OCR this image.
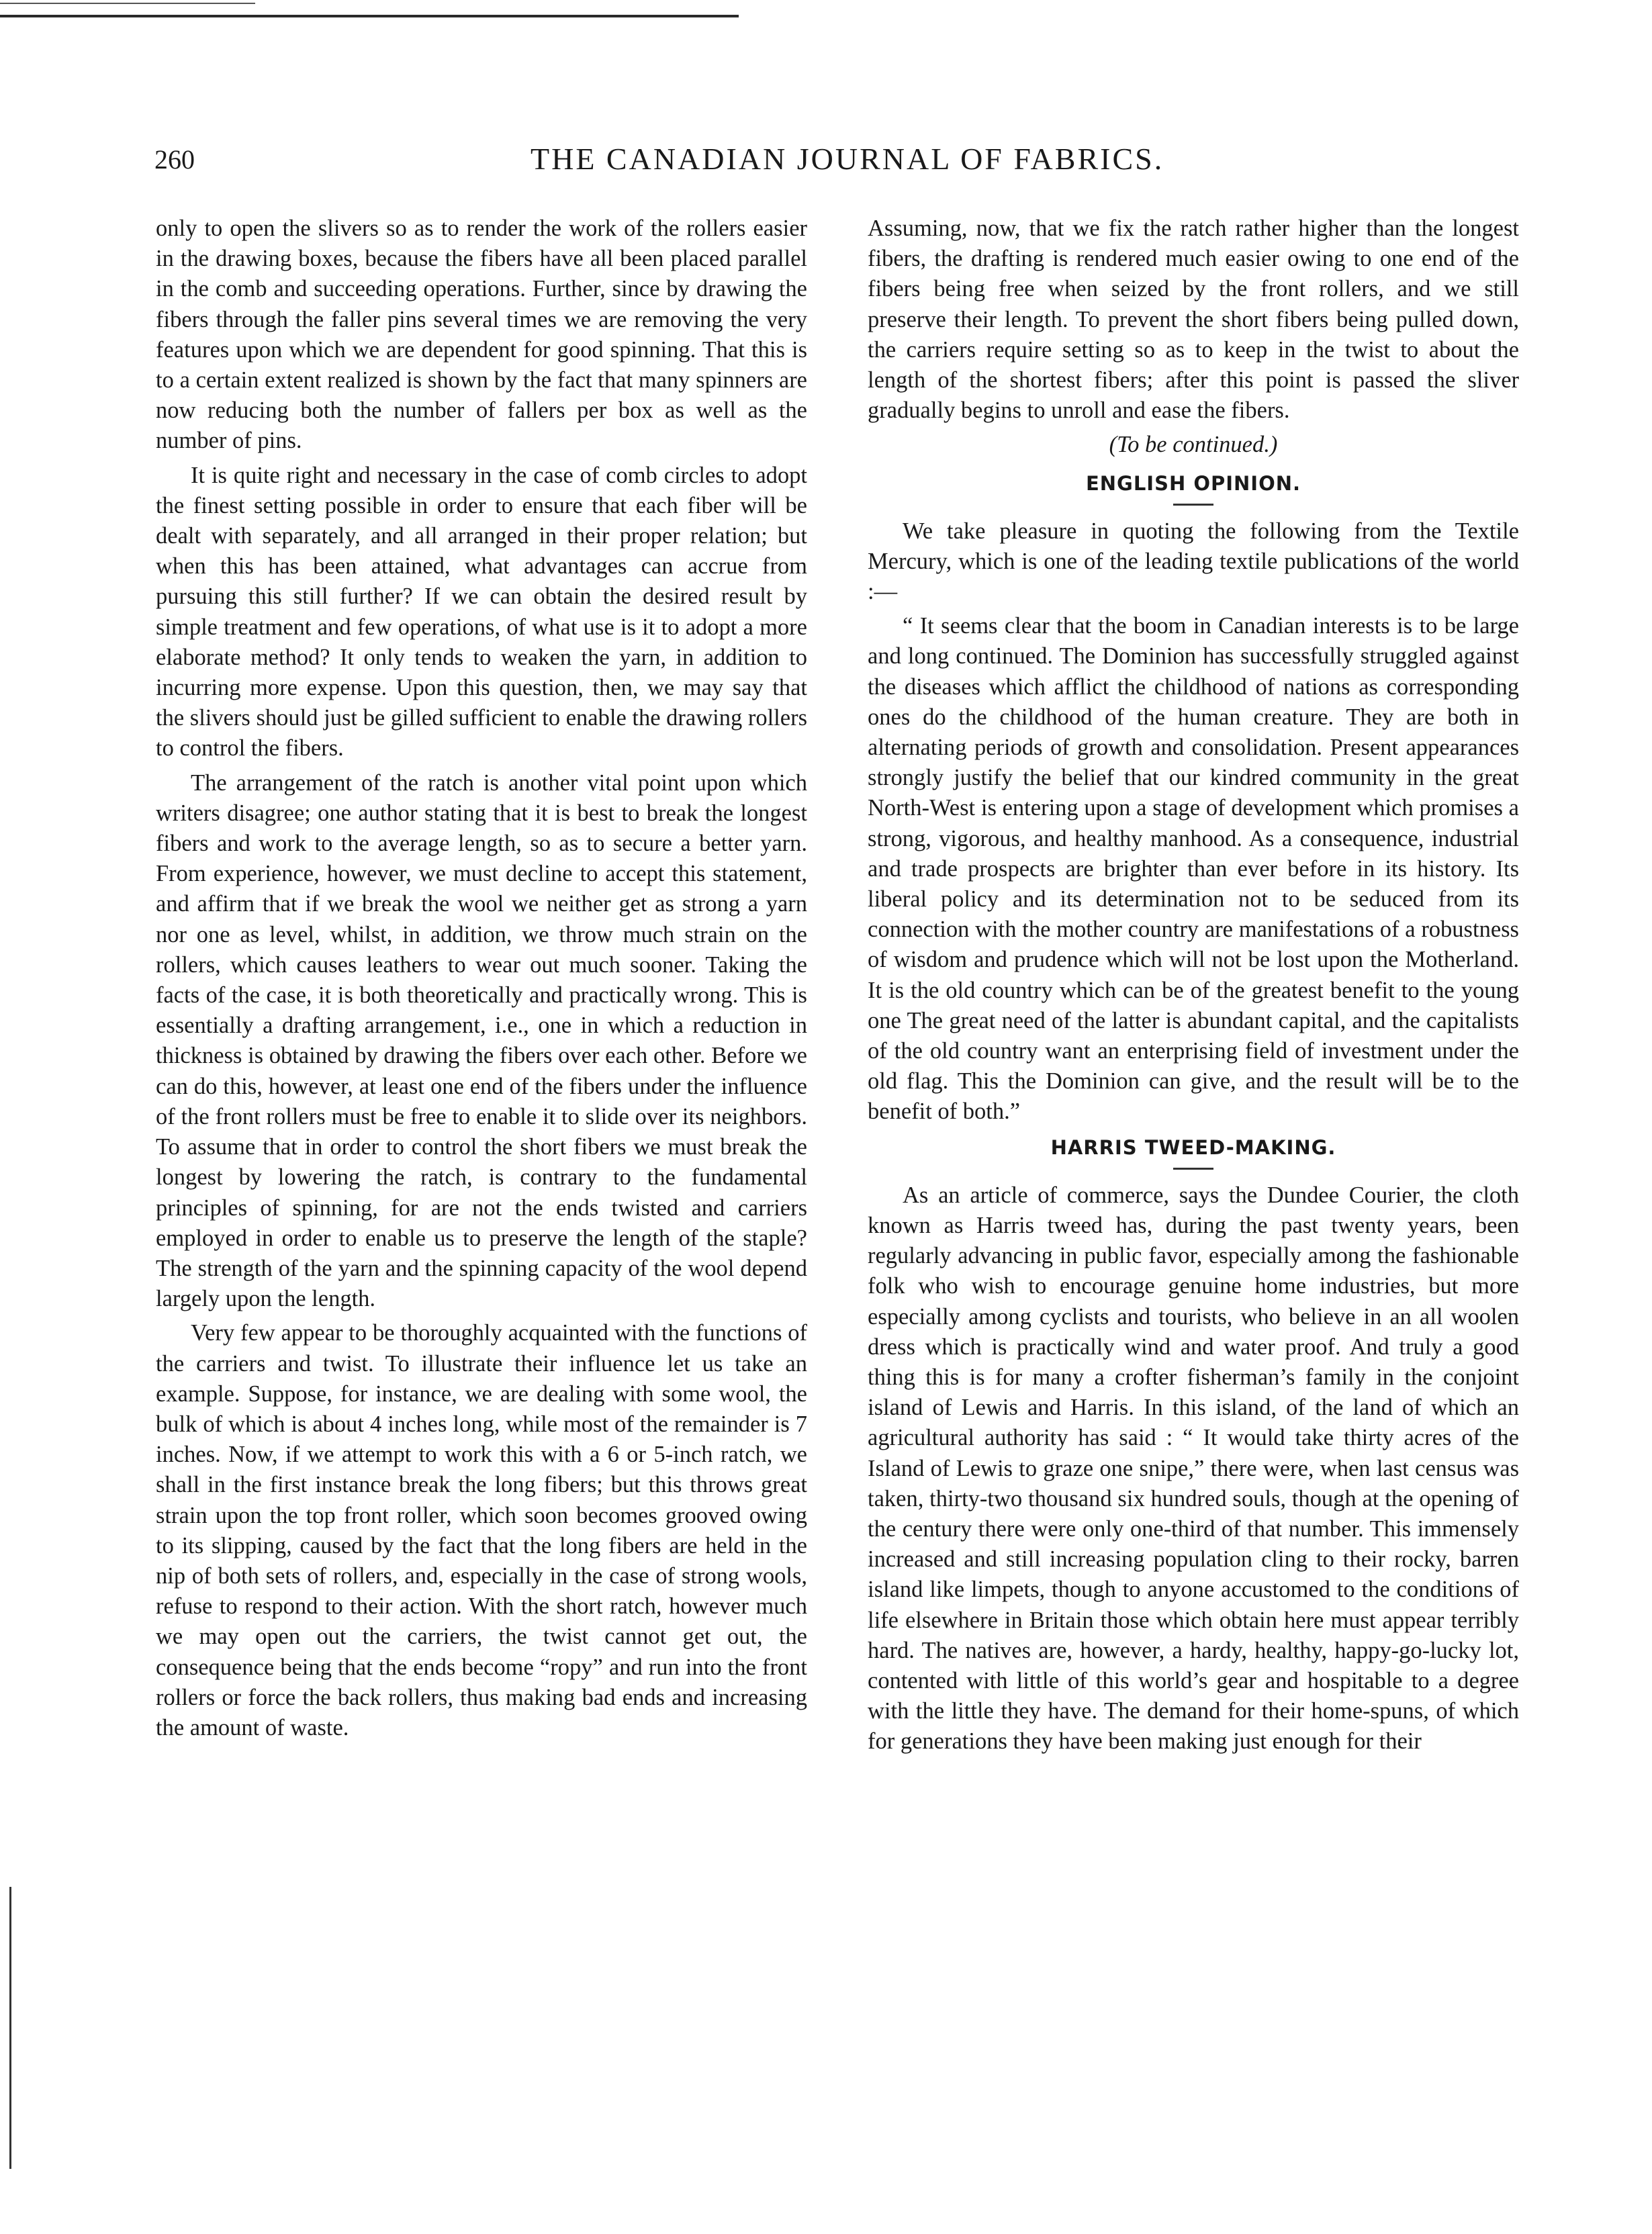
260	THE CANADIAN JOURNAL OF FABRICS.

only to open the slivers so as to render the work of the rollers easier in the drawing boxes, because the fibers have all been placed parallel in the comb and succeeding operations. Further, since by drawing the fibers through the faller pins several times we are removing the very features upon which we are dependent for good spinning. That this is to a certain extent realized is shown by the fact that many spinners are now reducing both the number of fallers per box as well as the number of pins.

It is quite right and necessary in the case of comb circles to adopt the finest setting possible in order to ensure that each fiber will be dealt with separately, and all arranged in their proper relation; but when this has been attained, what advantages can accrue from pursuing this still further? If we can obtain the desired result by simple treatment and few operations, of what use is it to adopt a more elaborate method? It only tends to weaken the yarn, in addition to incurring more expense. Upon this question, then, we may say that the slivers should just be gilled sufficient to enable the drawing rollers to control the fibers.

The arrangement of the ratch is another vital point upon which writers disagree; one author stating that it is best to break the longest fibers and work to the average length, so as to secure a better yarn. From experience, however, we must decline to accept this statement, and affirm that if we break the wool we neither get as strong a yarn nor one as level, whilst, in addition, we throw much strain on the rollers, which causes leathers to wear out much sooner. Taking the facts of the case, it is both theoretically and practically wrong. This is essentially a drafting arrangement, i.e., one in which a reduction in thickness is obtained by drawing the fibers over each other. Before we can do this, however, at least one end of the fibers under the influence of the front rollers must be free to enable it to slide over its neighbors. To assume that in order to control the short fibers we must break the longest by lowering the ratch, is contrary to the fundamental principles of spinning, for are not the ends twisted and carriers employed in order to enable us to preserve the length of the staple? The strength of the yarn and the spinning capacity of the wool depend largely upon the length.

Very few appear to be thoroughly acquainted with the functions of the carriers and twist. To illustrate their influence let us take an example. Suppose, for instance, we are dealing with some wool, the bulk of which is about 4 inches long, while most of the remainder is 7 inches. Now, if we attempt to work this with a 6 or 5-inch ratch, we shall in the first instance break the long fibers; but this throws great strain upon the top front roller, which soon becomes grooved owing to its slipping, caused by the fact that the long fibers are held in the nip of both sets of rollers, and, especially in the case of strong wools, refuse to respond to their action. With the short ratch, however much we may open out the carriers, the twist cannot get out, the consequence being that the ends become “ropy” and run into the front rollers or force the back rollers, thus making bad ends and increasing the amount of waste.

Assuming, now, that we fix the ratch rather higher than the longest fibers, the drafting is rendered much easier owing to one end of the fibers being free when seized by the front rollers, and we still preserve their length. To prevent the short fibers being pulled down, the carriers require setting so as to keep in the twist to about the length of the shortest fibers; after this point is passed the sliver gradually begins to unroll and ease the fibers.

(To be continued.)

ENGLISH OPINION.

We take pleasure in quoting the following from the Textile Mercury, which is one of the leading textile publications of the world :—

“ It seems clear that the boom in Canadian interests is to be large and long continued. The Dominion has successfully struggled against the diseases which afflict the childhood of nations as corresponding ones do the childhood of the human creature. They are both in alternating periods of growth and consolidation. Present appearances strongly justify the belief that our kindred community in the great North-West is entering upon a stage of development which promises a strong, vigorous, and healthy manhood. As a consequence, industrial and trade prospects are brighter than ever before in its history. Its liberal policy and its determination not to be seduced from its connection with the mother country are manifestations of a robustness of wisdom and prudence which will not be lost upon the Motherland. It is the old country which can be of the greatest benefit to the young one The great need of the latter is abundant capital, and the capitalists of the old country want an enterprising field of investment under the old flag. This the Dominion can give, and the result will be to the benefit of both.”

HARRIS TWEED-MAKING.

As an article of commerce, says the Dundee Courier, the cloth known as Harris tweed has, during the past twenty years, been regularly advancing in public favor, especially among the fashionable folk who wish to encourage genuine home industries, but more especially among cyclists and tourists, who believe in an all woolen dress which is practically wind and water proof. And truly a good thing this is for many a crofter fisherman’s family in the conjoint island of Lewis and Harris. In this island, of the land of which an agricultural authority has said : “ It would take thirty acres of the Island of Lewis to graze one snipe,” there were, when last census was taken, thirty-two thousand six hundred souls, though at the opening of the century there were only one-third of that number. This immensely increased and still increasing population cling to their rocky, barren island like limpets, though to anyone accustomed to the conditions of life elsewhere in Britain those which obtain here must appear terribly hard. The natives are, however, a hardy, healthy, happy-go-lucky lot, contented with little of this world’s gear and hospitable to a degree with the little they have. The demand for their home-spuns, of which for generations they have been making just enough for their
